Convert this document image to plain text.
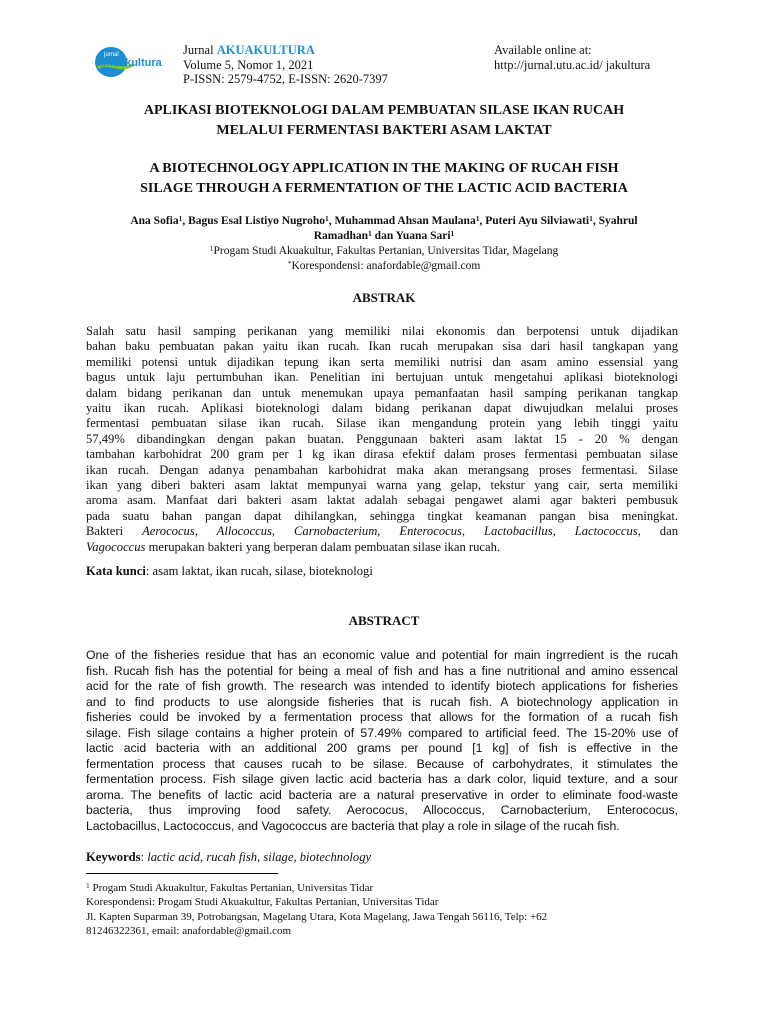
jurnal
akuakultura
Jurnal AKUAKULTURA
Volume 5, Nomor 1, 2021
P-ISSN: 2579-4752, E-ISSN: 2620-7397
Available online at:
http://jurnal.utu.ac.id/ jakultura
APLIKASI BIOTEKNOLOGI DALAM PEMBUATAN SILASE IKAN RUCAH
MELALUI FERMENTASI BAKTERI ASAM LAKTAT
A BIOTECHNOLOGY APPLICATION IN THE MAKING OF RUCAH FISH
SILAGE THROUGH A FERMENTATION OF THE LACTIC ACID BACTERIA
Ana Sofia$^1$, Bagus Esal Listiyo Nugroho$^1$, Muhammad Ahsan Maulana$^1$, Puteri Ayu Silviawati$^1$, Syahrul
Ramadhan$^1$ dan Yuana Sari$^1$
$^1$Progam Studi Akuakultur, Fakultas Pertanian, Universitas Tidar, Magelang
*Korespondensi: anafordable@gmail.com
ABSTRAK
Salah satu hasil samping perikanan yang memiliki nilai ekonomis dan berpotensi untuk dijadikan
bahan baku pembuatan pakan yaitu ikan rucah. Ikan rucah merupakan sisa dari hasil tangkapan yang
memiliki potensi untuk dijadikan tepung ikan serta memiliki nutrisi dan asam amino essensial yang
bagus untuk laju pertumbuhan ikan. Penelitian ini bertujuan untuk mengetahui aplikasi bioteknologi
dalam bidang perikanan dan untuk menemukan upaya pemanfaatan hasil samping perikanan tangkap
yaitu ikan rucah. Aplikasi bioteknologi dalam bidang perikanan dapat diwujudkan melalui proses
fermentasi pembuatan silase ikan rucah. Silase ikan mengandung protein yang lebih tinggi yaitu
57,49% dibandingkan dengan pakan buatan. Penggunaan bakteri asam laktat 15 - 20 % dengan
tambahan karbohidrat 200 gram per 1 kg ikan dirasa efektif dalam proses fermentasi pembuatan silase
ikan rucah. Dengan adanya penambahan karbohidrat maka akan merangsang proses fermentasi. Silase
ikan yang diberi bakteri asam laktat mempunyai warna yang gelap, tekstur yang cair, serta memiliki
aroma asam. Manfaat dari bakteri asam laktat adalah sebagai pengawet alami agar bakteri pembusuk
pada suatu bahan pangan dapat dihilangkan, sehingga tingkat keamanan pangan bisa meningkat.
Bakteri Aerococus, Allococcus, Carnobacterium, Enterococus, Lactobacillus, Lactococcus, dan
Vagococcus merupakan bakteri yang berperan dalam pembuatan silase ikan rucah.
Kata kunci: asam laktat, ikan rucah, silase, bioteknologi
ABSTRACT
One of the fisheries residue that has an economic value and potential for main ingrredient is the rucah
fish. Rucah fish has the potential for being a meal of fish and has a fine nutritional and amino essencal
acid for the rate of fish growth. The research was intended to identify biotech applications for fisheries
and to find products to use alongside fisheries that is rucah fish. A biotechnology application in
fisheries could be invoked by a fermentation process that allows for the formation of a rucah fish
silage. Fish silage contains a higher protein of 57.49% compared to artificial feed. The 15-20% use of
lactic acid bacteria with an additional 200 grams per pound [1 kg] of fish is effective in the
fermentation process that causes rucah to be silase. Because of carbohydrates, it stimulates the
fermentation process. Fish silage given lactic acid bacteria has a dark color, liquid texture, and a sour
aroma. The benefits of lactic acid bacteria are a natural preservative in order to eliminate food-waste
bacteria, thus improving food safety. Aerococus, Allococcus, Carnobacterium, Enterococus,
Lactobacillus, Lactococcus, and Vagococcus are bacteria that play a role in silage of the rucah fish.
Keywords: lactic acid, rucah fish, silage, biotechnology
$^1$ Progam Studi Akuakultur, Fakultas Pertanian, Universitas Tidar
Korespondensi: Progam Studi Akuakultur, Fakultas Pertanian, Universitas Tidar
Jl. Kapten Suparman 39, Potrobangsan, Magelang Utara, Kota Magelang, Jawa Tengah 56116, Telp: +62
81246322361, email: anafordable@gmail.com
